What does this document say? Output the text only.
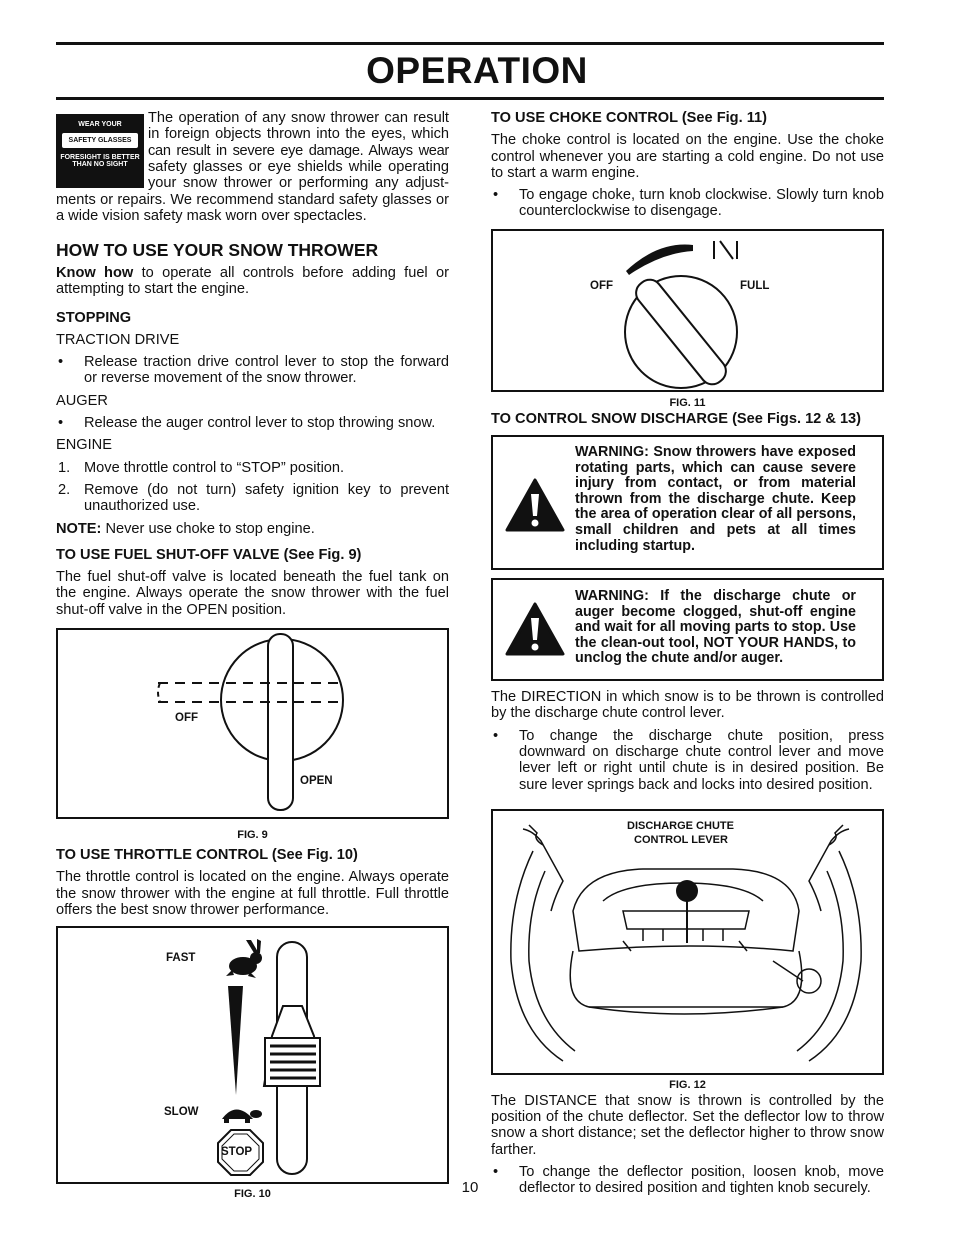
OPERATION
WEAR YOUR
SAFETY GLASSES
FORESIGHT IS BETTER
THAN NO SIGHT

The operation of any snow thrower can result

in foreign objects thrown into the eyes, which

can result in severe eye damage. Always wear

safety glasses or eye shields while operating

your snow thrower or performing any adjust-

ments or repairs. We recommend standard safety glasses or a wide vision safety mask worn over spectacles.

HOW TO USE YOUR SNOW THROWER

Know how to operate all controls before adding fuel or attempting to start the engine.

STOPPING
TRACTION DRIVE

• Release traction drive control lever to stop the forward or reverse movement of the snow thrower.

AUGER

• Release the auger control lever to stop throwing snow.

ENGINE

1. Move throttle control to “STOP” position.

2. Remove (do not turn) safety ignition key to prevent unauthorized use.

NOTE: Never use choke to stop engine.

TO USE FUEL SHUT-OFF VALVE (See Fig. 9)

The fuel shut-off valve is located beneath the fuel tank on the engine. Always operate the snow thrower with the fuel shut-off valve in the OPEN position.

OFF
OPEN
FIG. 9
TO USE THROTTLE CONTROL (See Fig. 10)

The throttle control is located on the engine. Always operate the snow thrower with the engine at full throttle. Full throttle offers the best snow thrower performance.

FAST
SLOW
STOP
FIG. 10	10
TO USE CHOKE CONTROL (See Fig. 11)

The choke control is located on the engine. Use the choke control whenever you are starting a cold engine. Do not use to start a warm engine.

• To engage choke, turn knob clockwise. Slowly turn knob counterclockwise to disengage.

OFF	FULL
FIG. 11
TO CONTROL SNOW DISCHARGE (See Figs. 12 & 13)
WARNING: Snow throwers have exposed rotating parts, which can cause severe injury from contact, or from material thrown from the discharge chute. Keep the area of operation clear of all persons, small children and pets at all times including startup.
WARNING: If the discharge chute or auger become clogged, shut-off engine and wait for all moving parts to stop. Use the clean-out tool, NOT YOUR HANDS, to unclog the chute and/or auger.

The DIRECTION in which snow is to be thrown is controlled by the discharge chute control lever.

• To change the discharge chute position, press downward on discharge chute control lever and move lever left or right until chute is in desired position. Be sure lever springs back and locks into desired position.

DISCHARGE CHUTE
CONTROL LEVER
FIG. 12

The DISTANCE that snow is thrown is controlled by the position of the chute deflector. Set the deflector low to throw snow a short distance; set the deflector higher to throw snow farther.

• To change the deflector position, loosen knob, move deflector to desired position and tighten knob securely.
